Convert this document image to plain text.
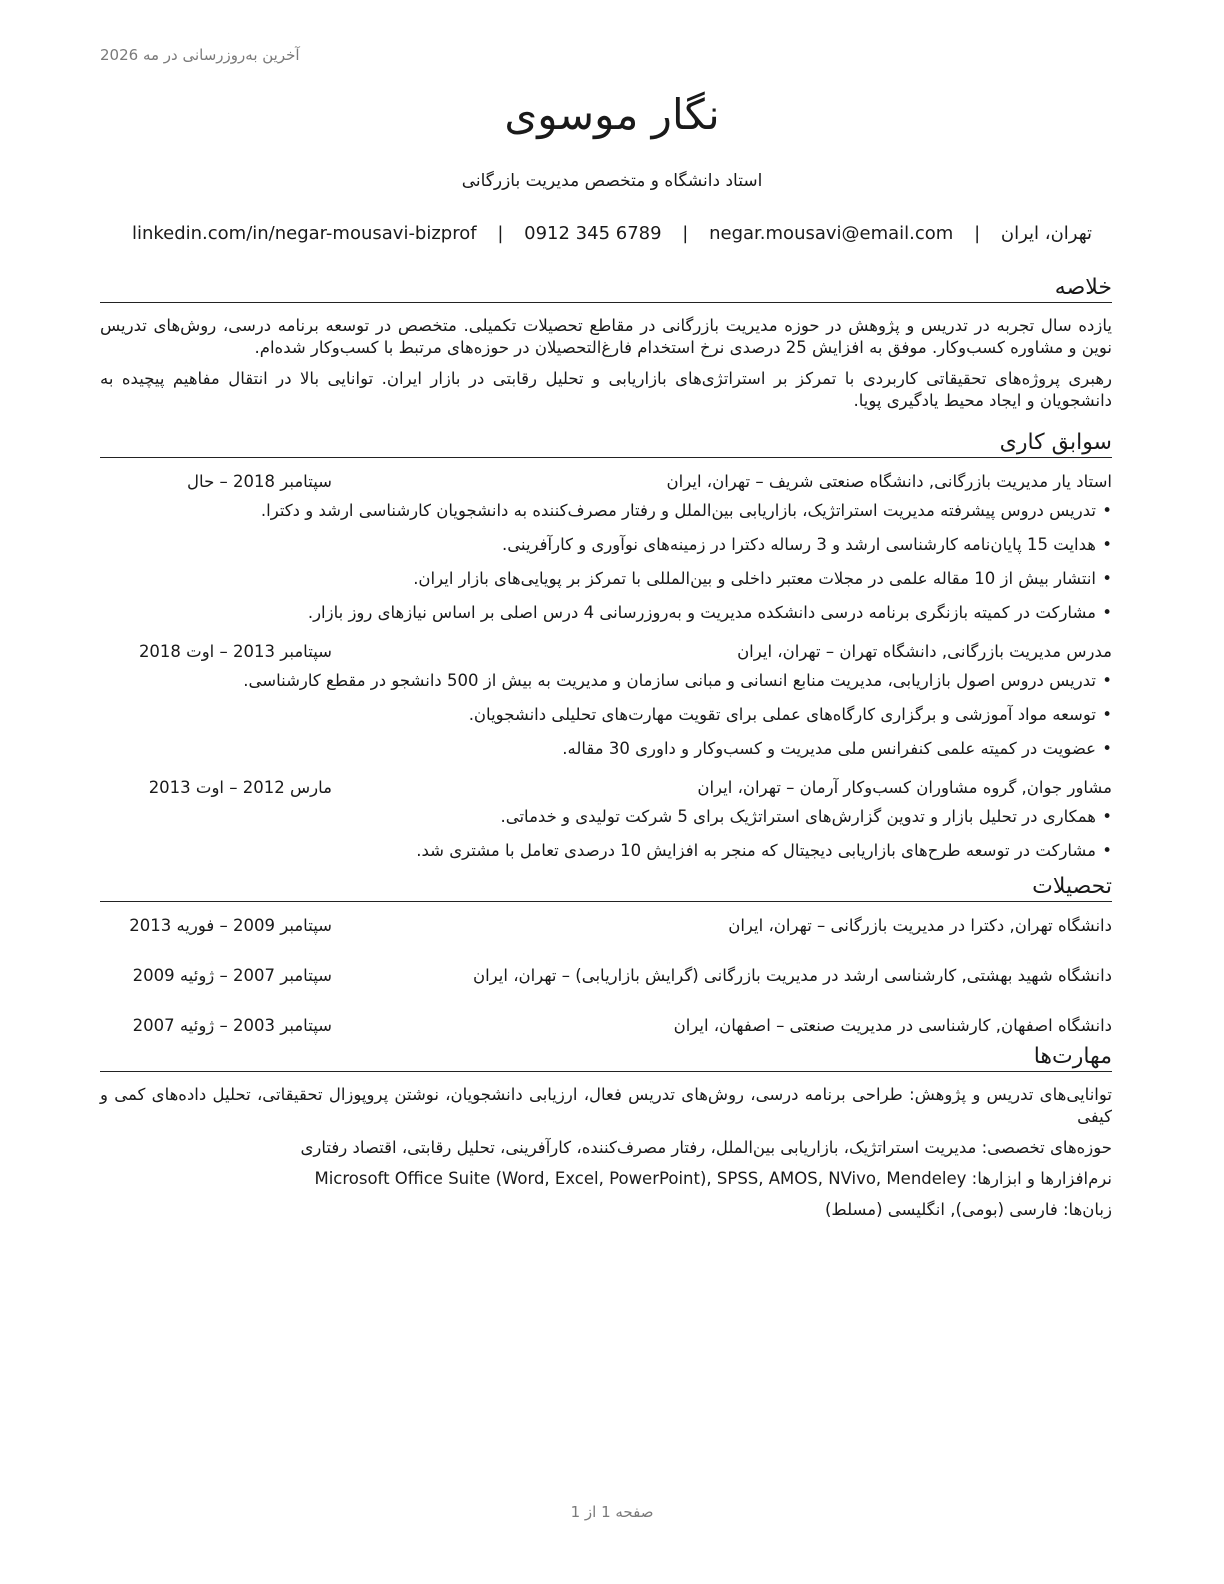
آخرین به‌روزرسانی در مه 2026
نگار موسوی
استاد دانشگاه و متخصص مدیریت بازرگانی
linkedin.com/in/negar-mousavi-bizprof | 0912 345 6789 | negar.mousavi@email.com | تهران، ایران
خلاصه

یازده سال تجربه در تدریس و پژوهش در حوزه مدیریت بازرگانی در مقاطع تحصیلات تکمیلی. متخصص در توسعه برنامه درسی، روش‌های تدریس نوین و مشاوره کسب‌وکار. موفق به افزایش 25 درصدی نرخ استخدام فارغ‌التحصیلان در حوزه‌های مرتبط با کسب‌وکار شده‌ام.

رهبری پروژه‌های تحقیقاتی کاربردی با تمرکز بر استراتژی‌های بازاریابی و تحلیل رقابتی در بازار ایران. توانایی بالا در انتقال مفاهیم پیچیده به دانشجویان و ایجاد محیط یادگیری پویا.

سوابق کاری
استاد یار مدیریت بازرگانی, دانشگاه صنعتی شریف – تهران، ایران
سپتامبر 2018 – حال
• تدریس دروس پیشرفته مدیریت استراتژیک، بازاریابی بین‌الملل و رفتار مصرف‌کننده به دانشجویان کارشناسی ارشد و دکترا.
• هدایت 15 پایان‌نامه کارشناسی ارشد و 3 رساله دکترا در زمینه‌های نوآوری و کارآفرینی.
• انتشار بیش از 10 مقاله علمی در مجلات معتبر داخلی و بین‌المللی با تمرکز بر پویایی‌های بازار ایران.
• مشارکت در کمیته بازنگری برنامه درسی دانشکده مدیریت و به‌روزرسانی 4 درس اصلی بر اساس نیازهای روز بازار.
مدرس مدیریت بازرگانی, دانشگاه تهران – تهران، ایران
سپتامبر 2013 – اوت 2018
• تدریس دروس اصول بازاریابی، مدیریت منابع انسانی و مبانی سازمان و مدیریت به بیش از 500 دانشجو در مقطع کارشناسی.
• توسعه مواد آموزشی و برگزاری کارگاه‌های عملی برای تقویت مهارت‌های تحلیلی دانشجویان.
• عضویت در کمیته علمی کنفرانس ملی مدیریت و کسب‌وکار و داوری 30 مقاله.
مشاور جوان, گروه مشاوران کسب‌وکار آرمان – تهران، ایران
مارس 2012 – اوت 2013
• همکاری در تحلیل بازار و تدوین گزارش‌های استراتژیک برای 5 شرکت تولیدی و خدماتی.
• مشارکت در توسعه طرح‌های بازاریابی دیجیتال که منجر به افزایش 10 درصدی تعامل با مشتری شد.
تحصیلات
دانشگاه تهران, دکترا در مدیریت بازرگانی – تهران، ایران
سپتامبر 2009 – فوریه 2013
دانشگاه شهید بهشتی, کارشناسی ارشد در مدیریت بازرگانی (گرایش بازاریابی) – تهران، ایران
سپتامبر 2007 – ژوئیه 2009
دانشگاه اصفهان, کارشناسی در مدیریت صنعتی – اصفهان، ایران
سپتامبر 2003 – ژوئیه 2007
مهارت‌ها

توانایی‌های تدریس و پژوهش: طراحی برنامه درسی، روش‌های تدریس فعال، ارزیابی دانشجویان، نوشتن پروپوزال تحقیقاتی، تحلیل داده‌های کمی و کیفی

حوزه‌های تخصصی: مدیریت استراتژیک، بازاریابی بین‌الملل، رفتار مصرف‌کننده، کارآفرینی، تحلیل رقابتی، اقتصاد رفتاری

نرم‌افزارها و ابزارها: Microsoft Office Suite (Word, Excel, PowerPoint), SPSS, AMOS, NVivo, Mendeley

زبان‌ها: فارسی (بومی), انگلیسی (مسلط)

صفحه 1 از 1
